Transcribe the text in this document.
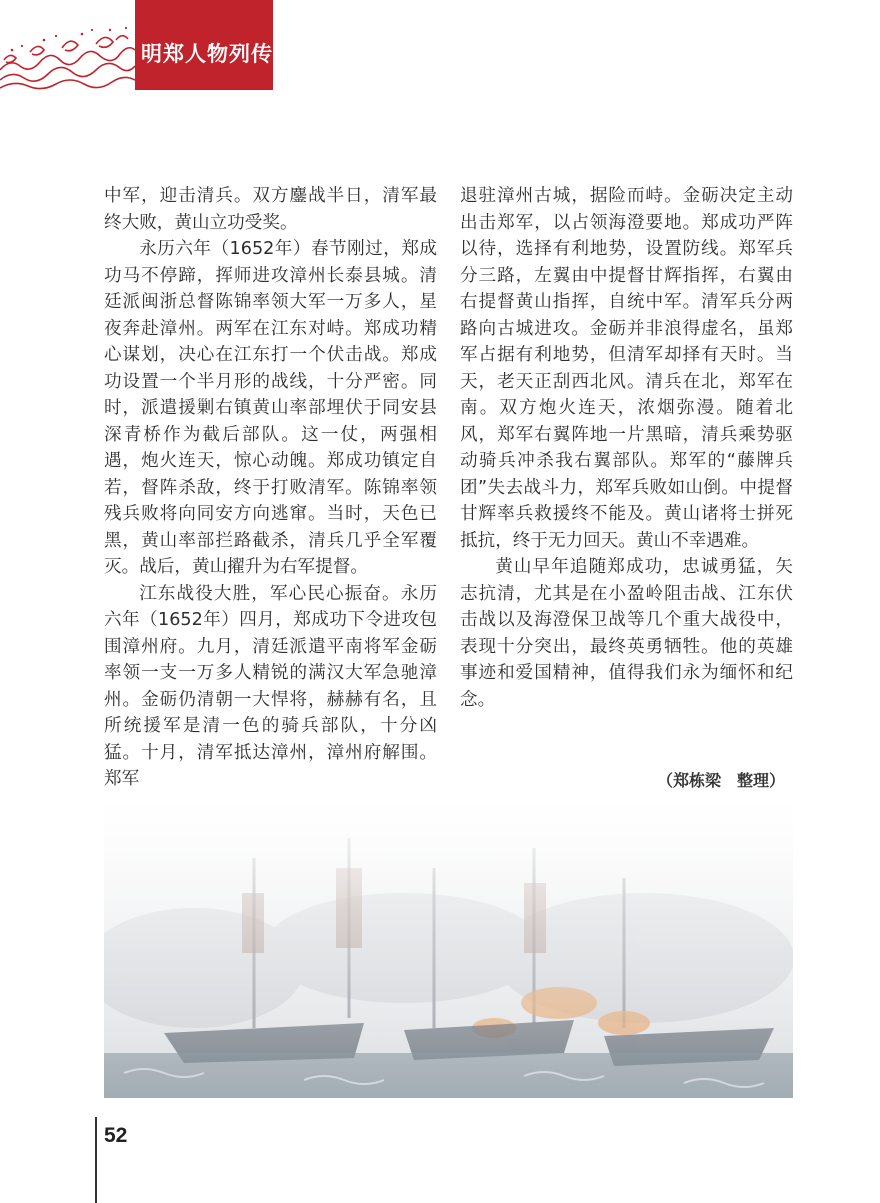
明郑人物列传

中军，迎击清兵。双方鏖战半日，清军最终大败，黄山立功受奖。

永历六年（1652年）春节刚过，郑成功马不停蹄，挥师进攻漳州长泰县城。清廷派闽浙总督陈锦率领大军一万多人，星夜奔赴漳州。两军在江东对峙。郑成功精心谋划，决心在江东打一个伏击战。郑成功设置一个半月形的战线，十分严密。同时，派遣援剿右镇黄山率部埋伏于同安县深青桥作为截后部队。这一仗，两强相遇，炮火连天，惊心动魄。郑成功镇定自若，督阵杀敌，终于打败清军。陈锦率领残兵败将向同安方向逃窜。当时，天色已黑，黄山率部拦路截杀，清兵几乎全军覆灭。战后，黄山擢升为右军提督。

江东战役大胜，军心民心振奋。永历六年（1652年）四月，郑成功下令进攻包围漳州府。九月，清廷派遣平南将军金砺率领一支一万多人精锐的满汉大军急驰漳州。金砺仍清朝一大悍将，赫赫有名，且所统援军是清一色的骑兵部队，十分凶猛。十月，清军抵达漳州，漳州府解围。郑军

退驻漳州古城，据险而峙。金砺决定主动出击郑军，以占领海澄要地。郑成功严阵以待，选择有利地势，设置防线。郑军兵分三路，左翼由中提督甘辉指挥，右翼由右提督黄山指挥，自统中军。清军兵分两路向古城进攻。金砺并非浪得虚名，虽郑军占据有利地势，但清军却择有天时。当天，老天正刮西北风。清兵在北，郑军在南。双方炮火连天，浓烟弥漫。随着北风，郑军右翼阵地一片黑暗，清兵乘势驱动骑兵冲杀我右翼部队。郑军的“藤牌兵团”失去战斗力，郑军兵败如山倒。中提督甘辉率兵救援终不能及。黄山诸将士拼死抵抗，终于无力回天。黄山不幸遇难。

黄山早年追随郑成功，忠诚勇猛，矢志抗清，尤其是在小盈岭阻击战、江东伏击战以及海澄保卫战等几个重大战役中，表现十分突出，最终英勇牺牲。他的英雄事迹和爱国精神，值得我们永为缅怀和纪念。

（郑栋梁　整理）

52
